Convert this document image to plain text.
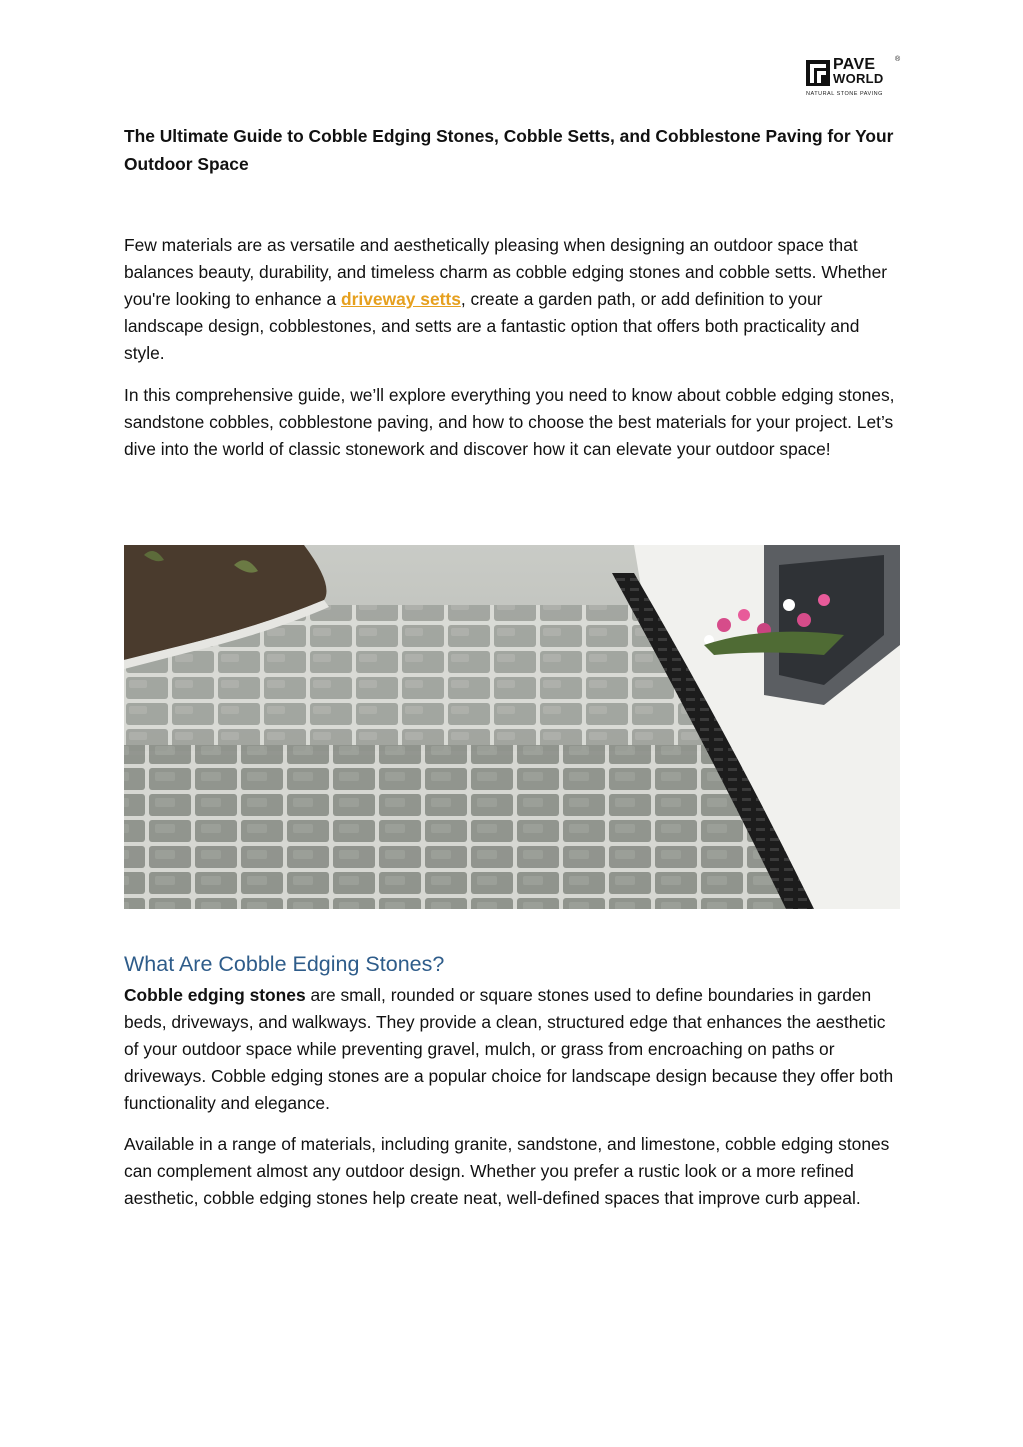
PAVE
WORLD
®
NATURAL STONE PAVING
The Ultimate Guide to Cobble Edging Stones, Cobble Setts, and Cobblestone Paving for Your Outdoor Space

Few materials are as versatile and aesthetically pleasing when designing an outdoor space that balances beauty, durability, and timeless charm as cobble edging stones and cobble setts. Whether you're looking to enhance a driveway setts, create a garden path, or add definition to your landscape design, cobblestones, and setts are a fantastic option that offers both practicality and style.

In this comprehensive guide, we’ll explore everything you need to know about cobble edging stones, sandstone cobbles, cobblestone paving, and how to choose the best materials for your project. Let’s dive into the world of classic stonework and discover how it can elevate your outdoor space!

What Are Cobble Edging Stones?

Cobble edging stones are small, rounded or square stones used to define boundaries in garden beds, driveways, and walkways. They provide a clean, structured edge that enhances the aesthetic of your outdoor space while preventing gravel, mulch, or grass from encroaching on paths or driveways. Cobble edging stones are a popular choice for landscape design because they offer both functionality and elegance.

Available in a range of materials, including granite, sandstone, and limestone, cobble edging stones can complement almost any outdoor design. Whether you prefer a rustic look or a more refined aesthetic, cobble edging stones help create neat, well-defined spaces that improve curb appeal.
